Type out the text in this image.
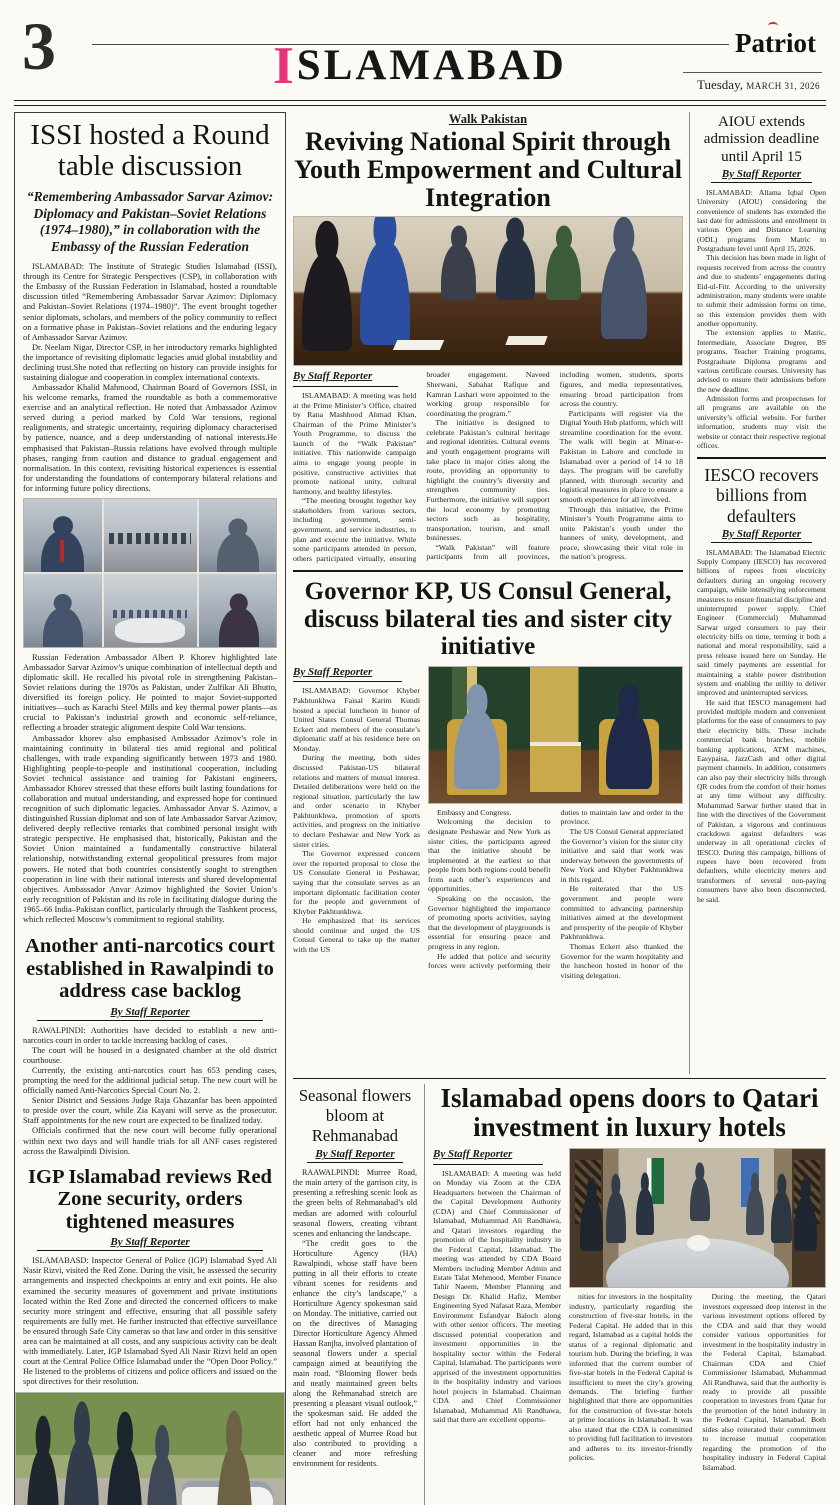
3	ISLAMABAD	Patriot
Tuesday, MARCH 31, 2026
ISSI hosted a Round table discussion
“Remembering Ambassador Sarvar Azimov: Diplomacy and Pakistan–Soviet Relations (1974–1980),” in collaboration with the Embassy of the Russian Federation

ISLAMABAD: The Institute of Strategic Studies Islamabad (ISSI), through its Centre for Strategic Perspectives (CSP), in collaboration with the Embassy of the Russian Federation in Islamabad, hosted a roundtable discussion titled “Remembering Ambassador Sarvar Azimov: Diplomacy and Pakistan–Soviet Relations (1974–1980)”. The event brought together senior diplomats, scholars, and members of the policy community to reflect on a formative phase in Pakistan–Soviet relations and the enduring legacy of Ambassador Sarvar Azimov.

Dr. Neelam Nigar, Director CSP, in her introductory remarks highlighted the importance of revisiting diplomatic legacies amid global instability and declining trust.She noted that reflecting on history can provide insights for sustaining dialogue and cooperation in complex international contexts.

Ambassador Khalid Mahmood, Chairman Board of Governors ISSI, in his welcome remarks, framed the roundtable as both a commemorative exercise and an analytical reflection. He noted that Ambassador Azimov served during a period marked by Cold War tensions, regional realignments, and strategic uncertainty, requiring diplomacy characterised by patience, nuance, and a deep understanding of national interests.He emphasised that Pakistan–Russia relations have evolved through multiple phases, ranging from caution and distance to gradual engagement and normalisation. In this context, revisiting historical experiences is essential for understanding the foundations of contemporary bilateral relations and for informing future policy directions.

Russian Federation Ambassador Albert P. Khorev highlighted late Ambassador Sarvar Azimov’s unique combination of intellectual depth and diplomatic skill. He recalled his pivotal role in strengthening Pakistan–Soviet relations during the 1970s as Pakistan, under Zulfikar Ali Bhutto, diversified its foreign policy. He pointed to major Soviet-supported initiatives—such as Karachi Steel Mills and key thermal power plants—as crucial to Pakistan’s industrial growth and economic self-reliance, reflecting a broader strategic alignment despite Cold War tensions.

Ambassador khorev also emphasised Ambssador Azimov’s role in maintaining continuity in bilateral ties amid regional and political challenges, with trade expanding significantly between 1973 and 1980. Highlighting people-to-people and institutional cooperation, including Soviet technical assistance and training for Pakistani engineers, Ambassador Khorev stressed that these efforts built lasting foundations for collaboration and mutual understanding, and expressed hope for continued recognition of such diplomatic legacies. Ambassador Anvar S. Azimov, a distinguished Russian diplomat and son of late Ambassador Sarvar Azimov, delivered deeply reflective remarks that combined personal insight with strategic perspective. He emphasised that, historically, Pakistan and the Soviet Union maintained a fundamentally constructive bilateral relationship, notwithstanding external geopolitical pressures from major powers. He noted that both countries consistently sought to strengthen cooperation in line with their national interests and shared developmental objectives. Ambassador Anvar Azimov highlighted the Soviet Union’s early recognition of Pakistan and its role in facilitating dialogue during the 1965–66 India–Pakistan conflict, particularly through the Tashkent process, which reflected Moscow’s commitment to regional stability.

Another anti-narcotics court established in Rawalpindi to address case backlog
By Staff Reporter

RAWALPINDI: Authorities have decided to establish a new anti-narcotics court in order to tackle increasing backlog of cases.

The court will be housed in a designated chamber at the old district courthouse.

Currently, the existing anti-narcotics court has 653 pending cases, prompting the need for the additional judicial setup. The new court will be officially named Anti-Narcotics Special Court No. 2.

Senior District and Sessions Judge Raja Ghazanfar has been appointed to preside over the court, while Zia Kayani will serve as the prosecutor. Staff appointments for the new court are expected to be finalized today.

Officials confirmed that the new court will become fully operational within next two days and will handle trials for all ANF cases registered across the Rawalpindi Division.

IGP Islamabad reviews Red Zone security, orders tightened measures
By Staff Reporter

ISLAMABASD: Inspector General of Police (IGP) Islamabad Syed Ali Nasir Rizvi, visited the Red Zone. During the visit, he assessed the security arrangements and inspected checkpoints at entry and exit points. He also examined the security measures of government and private institutions located within the Red Zone and directed the concerned officers to make security more stringent and effective, ensuring that all possible safety requirements are fully met. He further instructed that effective surveillance be ensured through Safe City cameras so that law and order in this sensitive area can be maintained at all costs, and any suspicious activity can be dealt with immediately. Later, IGP Islamabad Syed Ali Nasir Rizvi held an open court at the Central Police Office Islamabad under the “Open Door Policy.” He listened to the problems of citizens and police officers and issued on the spot directives for their resolution.

Walk Pakistan
Reviving National Spirit through Youth Empowerment and Cultural Integration
By Staff Reporter

ISLAMABAD: A meeting was held at the Prime Minister’s Office, chaired by Rana Mashhood Ahmad Khan, Chairman of the Prime Minister’s Youth Programme, to discuss the launch of the “Walk Pakistan” initiative. This nationwide campaign aims to engage young people in positive, constructive activities that promote national unity, cultural harmony, and healthy lifestyles.

“The meeting brought together key stakeholders from various sectors, including government, semi-government, and service industries, to plan and execute the initiative. While some participants attended in person, others participated virtually, ensuring broader engagement. Naveed Sherwani, Sabahat Rafique and Kamran Lashari were appointed to the working group responsible for coordinating the program.”

The initiative is designed to celebrate Pakistan’s cultural heritage and regional identities. Cultural events and youth engagement programs will take place in major cities along the route, providing an opportunity to highlight the country’s diversity and strengthen community ties. Furthermore, the initiative will support the local economy by promoting sectors such as hospitality, transportation, tourism, and small businesses.

“Walk Pakistan” will feature participants from all provinces, including women, students, sports figures, and media representatives, ensuring broad participation from across the country.

Participants will register via the Digital Youth Hub platform, which will streamline coordination for the event. The walk will begin at Minar-e-Pakistan in Lahore and conclude in Islamabad over a period of 14 to 18 days. The program will be carefully planned, with thorough security and logistical measures in place to ensure a smooth experience for all involved.

Through this initiative, the Prime Minister’s Youth Programme aims to unite Pakistan’s youth under the banners of unity, development, and peace, showcasing their vital role in the nation’s progress.

Governor KP, US Consul General, discuss bilateral ties and sister city initiative
By Staff Reporter

ISLAMABAD: Governor Khyber Pakhtunkhwa Faisal Karim Kundi hosted a special luncheon in honor of United States Consul General Thomas Eckert and members of the consulate’s diplomatic staff at his residence here on Monday.

During the meeting, both sides discussed Pakistan-US bilateral relations and matters of mutual interest. Detailed deliberations were held on the regional situation, particularly the law and order scenario in Khyber Pakhtunkhwa, promotion of sports activities, and progress on the initiative to declare Peshawar and New York as sister cities.

The Governor expressed concern over the reported proposal to close the US Consulate General in Peshawar, saying that the consulate serves as an important diplomatic facilitation center for the people and government of Khyber Pakhtunkhwa.

He emphasized that its services should continue and urged the US Consul General to take up the matter with the US

Embassy and Congress.

Welcoming the decision to designate Peshawar and New York as sister cities, the participants agreed that the initiative should be implemented at the earliest so that people from both regions could benefit from each other’s experiences and opportunities.

Speaking on the occasion, the Governor highlighted the importance of promoting sports activities, saying that the development of playgrounds is essential for ensuring peace and progress in any region.

He added that police and security forces were actively performing their duties to maintain law and order in the province.

The US Consul General appreciated the Governor’s vision for the sister city initiative and said that work was underway between the governments of New York and Khyber Pakhtunkhwa in this regard.

He reiterated that the US government and people were committed to advancing partnership initiatives aimed at the development and prosperity of the people of Khyber Pakhtunkhwa.

Thomas Eckert also thanked the Governor for the warm hospitality and the luncheon hosted in honor of the visiting delegation.

AIOU extends admission deadline until April 15
By Staff Reporter

ISLAMABAD: Allama Iqbal Open University (AIOU) considering the convenience of students has extended the last date for admissions and enrollment in various Open and Distance Learning (ODL) programs from Matric to Postgraduate level until April 15, 2026.

This decision has been made in light of requests received from across the country and due to students’ engagements during Eid-ul-Fitr. According to the university administration, many students were unable to submit their admission forms on time, so this extension provides them with another opportunity.

The extension applies to Matric, Intermediate, Associate Degree, BS programs, Teacher Training programs, Postgraduate Diploma programs and various certificate courses. University has advised to ensure their admissions before the new deadline.

Admission forms and prospectuses for all programs are available on the university’s official website. For further information, students may visit the website or contact their respective regional offices.

IESCO recovers billions from defaulters
By Staff Reporter

ISLAMABAD: The Islamabad Electric Supply Company (IESCO) has recovered billions of rupees from electricity defaulters during an ongoing recovery campaign, while intensifying enforcement measures to ensure financial discipline and uninterrupted power supply. Chief Engineer (Commercial) Muhammad Sarwar urged consumers to pay their electricity bills on time, terming it both a national and moral responsibility, said a press release issued here on Sunday. He said timely payments are essential for maintaining a stable power distribution system and enabling the utility to deliver improved and uninterrupted services.

He said that IESCO management had provided multiple modern and convenient platforms for the ease of consumers to pay their electricity bills. These include commercial bank branches, mobile banking applications, ATM machines, Easypaisa, JazzCash and other digital payment channels. In addition, consumers can also pay their electricity bills through QR codes from the comfort of their homes at any time without any difficulty. Muhammad Sarwar further stated that in line with the directives of the Government of Pakistan, a vigorous and continuous crackdown against defaulters was underway in all operational circles of IESCO. During this campaign, billions of rupees have been recovered from defaulters, while electricity meters and transformers of several non-paying consumers have also been disconnected, he said.

Seasonal flowers bloom at Rehmanabad
By Staff Reporter

RAAWALPINDI: Murree Road, the main artery of the garrison city, is presenting a refreshing scenic look as the green belts of Rehmanabad’s old median are adorned with colourful seasonal flowers, creating vibrant scenes and enhancing the landscape.

“The credit goes to the Horticulture Agency (HA) Rawalpindi, whose staff have been putting in all their efforts to create vibrant scenes for residents and enhance the city’s landscape,” a Horticulture Agency spokesman said on Monday. The initiative, carried out on the directives of Managing Director Horticulture Agency Ahmed Hassan Ranjha, involved plantation of seasonal flowers under a special campaign aimed at beautifying the main road. “Blooming flower beds and neatly maintained green belts along the Rehmanabad stretch are presenting a pleasant visual outlook,” the spokesman said. He added the effort had not only enhanced the aesthetic appeal of Murree Road but also contributed to providing a cleaner and more refreshing environment for residents.

Islamabad opens doors to Qatari investment in luxury hotels
By Staff Reporter

ISLAMABAD: A meeting was held on Monday via Zoom at the CDA Headquarters between the Chairman of the Capital Development Authority (CDA) and Chief Commissioner of Islamabad, Muhammad Ali Randhawa, and Qatari investors regarding the promotion of the hospitality industry in the Federal Capital, Islamabad. The meeting was attended by CDA Board Members including Member Admin and Estate Talat Mehmood, Member Finance Tahir Naeem, Member Planning and Design Dr. Khalid Hafiz, Member Engineering Syed Nafasat Raza, Member Environment Esfandyar Baloch along with other senior officers. The meeting discussed potential cooperation and investment opportunities in the hospitality sector within the Federal Capital, Islamabad. The participants were apprised of the investment opportunities in the hospitality industry and various hotel projects in Islamabad. Chairman CDA and Chief Commissioner Islamabad, Muhammad Ali Randhawa, said that there are excellent opportu-

nities for investors in the hospitality industry, particularly regarding the construction of five-star hotels, in the Federal Capital. He added that in this regard, Islamabad as a capital holds the status of a regional diplomatic and tourism hub. During the briefing, it was informed that the current number of five-star hotels in the Federal Capital is insufficient to meet the city’s growing demands. The briefing further highlighted that there are opportunities for the construction of five-star hotels at prime locations in Islamabad. It was also stated that the CDA is committed to providing full facilitation to investors and adheres to its investor-friendly policies.

During the meeting, the Qatari investors expressed deep interest in the various investment options offered by the CDA and said that they would consider various opportunities for investment in the hospitality industry in the Federal Capital, Islamabad. Chairman CDA and Chief Commissioner Islamabad, Muhammad Ali Randhawa, said that the authority is ready to provide all possible cooperation to investors from Qatar for the promotion of the hotel industry in the Federal Capital, Islamabad. Both sides also reiterated their commitment to increase mutual cooperation regarding the promotion of the hospitality industry in Federal Capital Islamabad.
